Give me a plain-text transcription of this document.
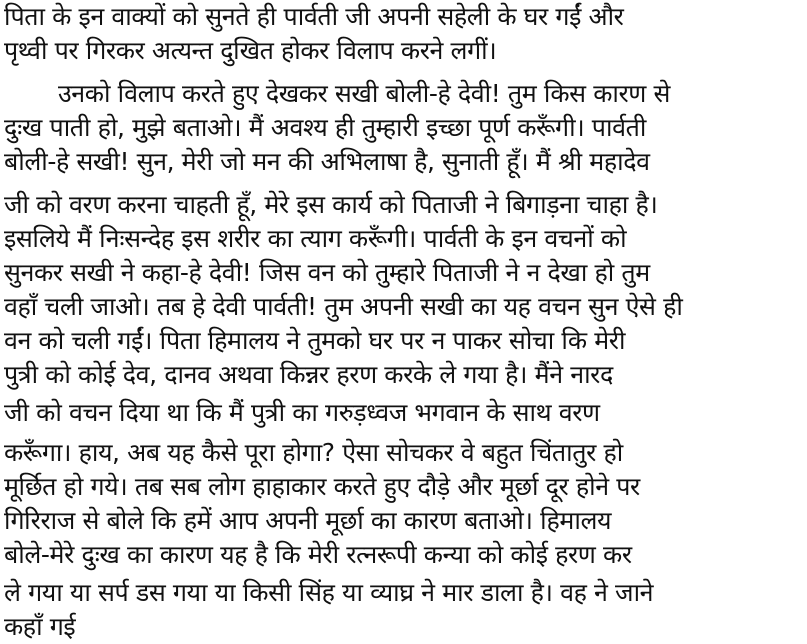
पिता के इन वाक्यों को सुनते ही पार्वती जी अपनी सहेली के घर गईं और
पृथ्वी पर गिरकर अत्यन्त दुखित होकर विलाप करने लगीं।
उनको विलाप करते हुए देखकर सखी बोली-हे देवी! तुम किस कारण से
दुःख पाती हो, मुझे बताओ। मैं अवश्य ही तुम्हारी इच्छा पूर्ण करूँगी। पार्वती
बोली-हे सखी! सुन, मेरी जो मन की अभिलाषा है, सुनाती हूँ। मैं श्री महादेव
जी को वरण करना चाहती हूँ, मेरे इस कार्य को पिताजी ने बिगाड़ना चाहा है।
इसलिये मैं निःसन्देह इस शरीर का त्याग करूँगी। पार्वती के इन वचनों को
सुनकर सखी ने कहा-हे देवी! जिस वन को तुम्हारे पिताजी ने न देखा हो तुम
वहाँ चली जाओ। तब हे देवी पार्वती! तुम अपनी सखी का यह वचन सुन ऐसे ही
वन को चली गईं। पिता हिमालय ने तुमको घर पर न पाकर सोचा कि मेरी
पुत्री को कोई देव, दानव अथवा किन्नर हरण करके ले गया है। मैंने नारद
जी को वचन दिया था कि मैं पुत्री का गरुड़ध्वज भगवान के साथ वरण
करूँगा। हाय, अब यह कैसे पूरा होगा? ऐसा सोचकर वे बहुत चिंतातुर हो
मूर्छित हो गये। तब सब लोग हाहाकार करते हुए दौड़े और मूर्छा दूर होने पर
गिरिराज से बोले कि हमें आप अपनी मूर्छा का कारण बताओ। हिमालय
बोले-मेरे दुःख का कारण यह है कि मेरी रत्नरूपी कन्या को कोई हरण कर
ले गया या सर्प डस गया या किसी सिंह या व्याघ्र ने मार डाला है। वह ने जाने
कहाँ गई
